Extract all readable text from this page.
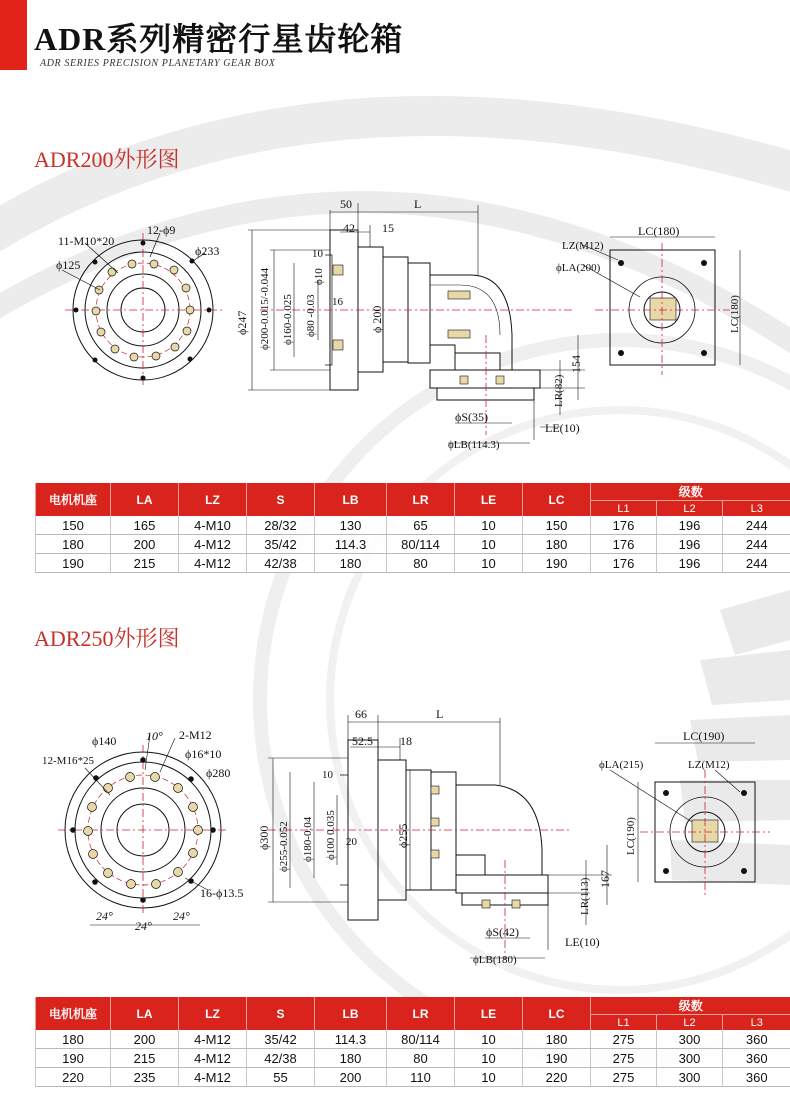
ADR系列精密行星齿轮箱
ADR SERIES PRECISION PLANETARY GEAR BOX
ADR200外形图
11-M10*20
12-ϕ9
ϕ233
ϕ125
50	L
42 15
10
ϕ247 ϕ200-0.015/-0.044 ϕ160-0.025 ϕ80 -0.03
ϕ10
16
ϕ 200
154
LR(82)
ϕS(35)
ϕLB(114.3)
LE(10)
LC(180)
LZ(M12)
ϕLA(200)
LC(180)
电机机座	LA	LZ	S	LB	LR	LE	LC	级数		
								L1	L2	L3
150	165	4-M10	28/32	130	65	10	150	176	196	244
180	200	4-M12	35/42	114.3	80/114	10	180	176	196	244
190	215	4-M12	42/38	180	80	10	190	176	196	244
ADR250外形图
ϕ140 10° 2-M12
12-M16*25	ϕ16*10
ϕ280
16-ϕ13.5
24°
24°
24°
66	L
52.5 18
10
ϕ300 ϕ255-0.052 ϕ180-0.04 ϕ100 0.035 20	ϕ255
167
LR(113)
ϕS(42)
ϕLB(180)
LE(10)
LC(190)
ϕLA(215)	LZ(M12)
LC(190)
电机机座	LA	LZ	S	LB	LR	LE	LC	级数		
								L1	L2	L3
180	200	4-M12	35/42	114.3	80/114	10	180	275	300	360
190	215	4-M12	42/38	180	80	10	190	275	300	360
220	235	4-M12	55	200	110	10	220	275	300	360
